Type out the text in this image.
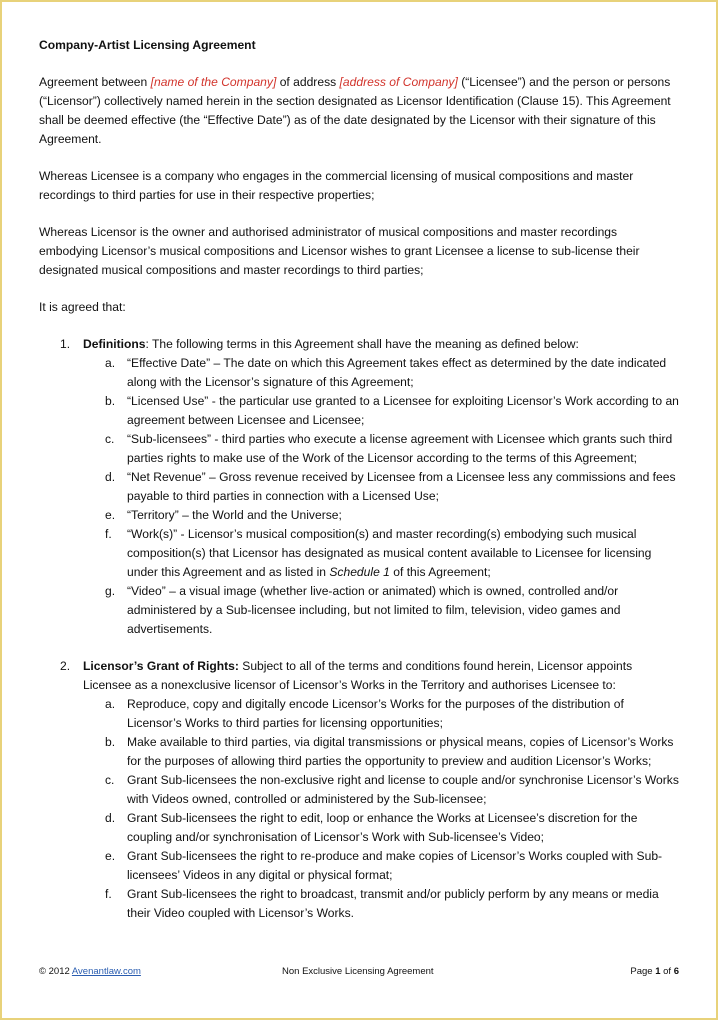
Company-Artist Licensing Agreement

Agreement between [name of the Company] of address [address of Company] (“Licensee”) and the person or persons (“Licensor”) collectively named herein in the section designated as Licensor Identification (Clause 15). This Agreement shall be deemed effective (the “Effective Date”) as of the date designated by the Licensor with their signature of this Agreement.

Whereas Licensee is a company who engages in the commercial licensing of musical compositions and master recordings to third parties for use in their respective properties;

Whereas Licensor is the owner and authorised administrator of musical compositions and master recordings embodying Licensor’s musical compositions and Licensor wishes to grant Licensee a license to sub-license their designated musical compositions and master recordings to third parties;

It is agreed that:

1. Definitions: The following terms in this Agreement shall have the meaning as defined below:
a. “Effective Date” – The date on which this Agreement takes effect as determined by the date indicated along with the Licensor’s signature of this Agreement;
b. “Licensed Use” - the particular use granted to a Licensee for exploiting Licensor’s Work according to an agreement between Licensee and Licensee;
c. “Sub-licensees” - third parties who execute a license agreement with Licensee which grants such third parties rights to make use of the Work of the Licensor according to the terms of this Agreement;
d. “Net Revenue” – Gross revenue received by Licensee from a Licensee less any commissions and fees payable to third parties in connection with a Licensed Use;
e. “Territory” – the World and the Universe;
f. “Work(s)” - Licensor’s musical composition(s) and master recording(s) embodying such musical composition(s) that Licensor has designated as musical content available to Licensee for licensing under this Agreement and as listed in Schedule 1 of this Agreement;
g. “Video” – a visual image (whether live-action or animated) which is owned, controlled and/or administered by a Sub-licensee including, but not limited to film, television, video games and advertisements.
2. Licensor’s Grant of Rights: Subject to all of the terms and conditions found herein, Licensor appoints Licensee as a nonexclusive licensor of Licensor’s Works in the Territory and authorises Licensee to:
a. Reproduce, copy and digitally encode Licensor’s Works for the purposes of the distribution of Licensor’s Works to third parties for licensing opportunities;
b. Make available to third parties, via digital transmissions or physical means, copies of Licensor’s Works for the purposes of allowing third parties the opportunity to preview and audition Licensor’s Works;
c. Grant Sub-licensees the non-exclusive right and license to couple and/or synchronise Licensor’s Works with Videos owned, controlled or administered by the Sub-licensee;
d. Grant Sub-licensees the right to edit, loop or enhance the Works at Licensee’s discretion for the coupling and/or synchronisation of Licensor’s Work with Sub-licensee’s Video;
e. Grant Sub-licensees the right to re-produce and make copies of Licensor’s Works coupled with Sub-licensees’ Videos in any digital or physical format;
f. Grant Sub-licensees the right to broadcast, transmit and/or publicly perform by any means or media their Video coupled with Licensor’s Works.
© 2012 Avenantlaw.com	Non Exclusive Licensing Agreement	Page 1 of 6
